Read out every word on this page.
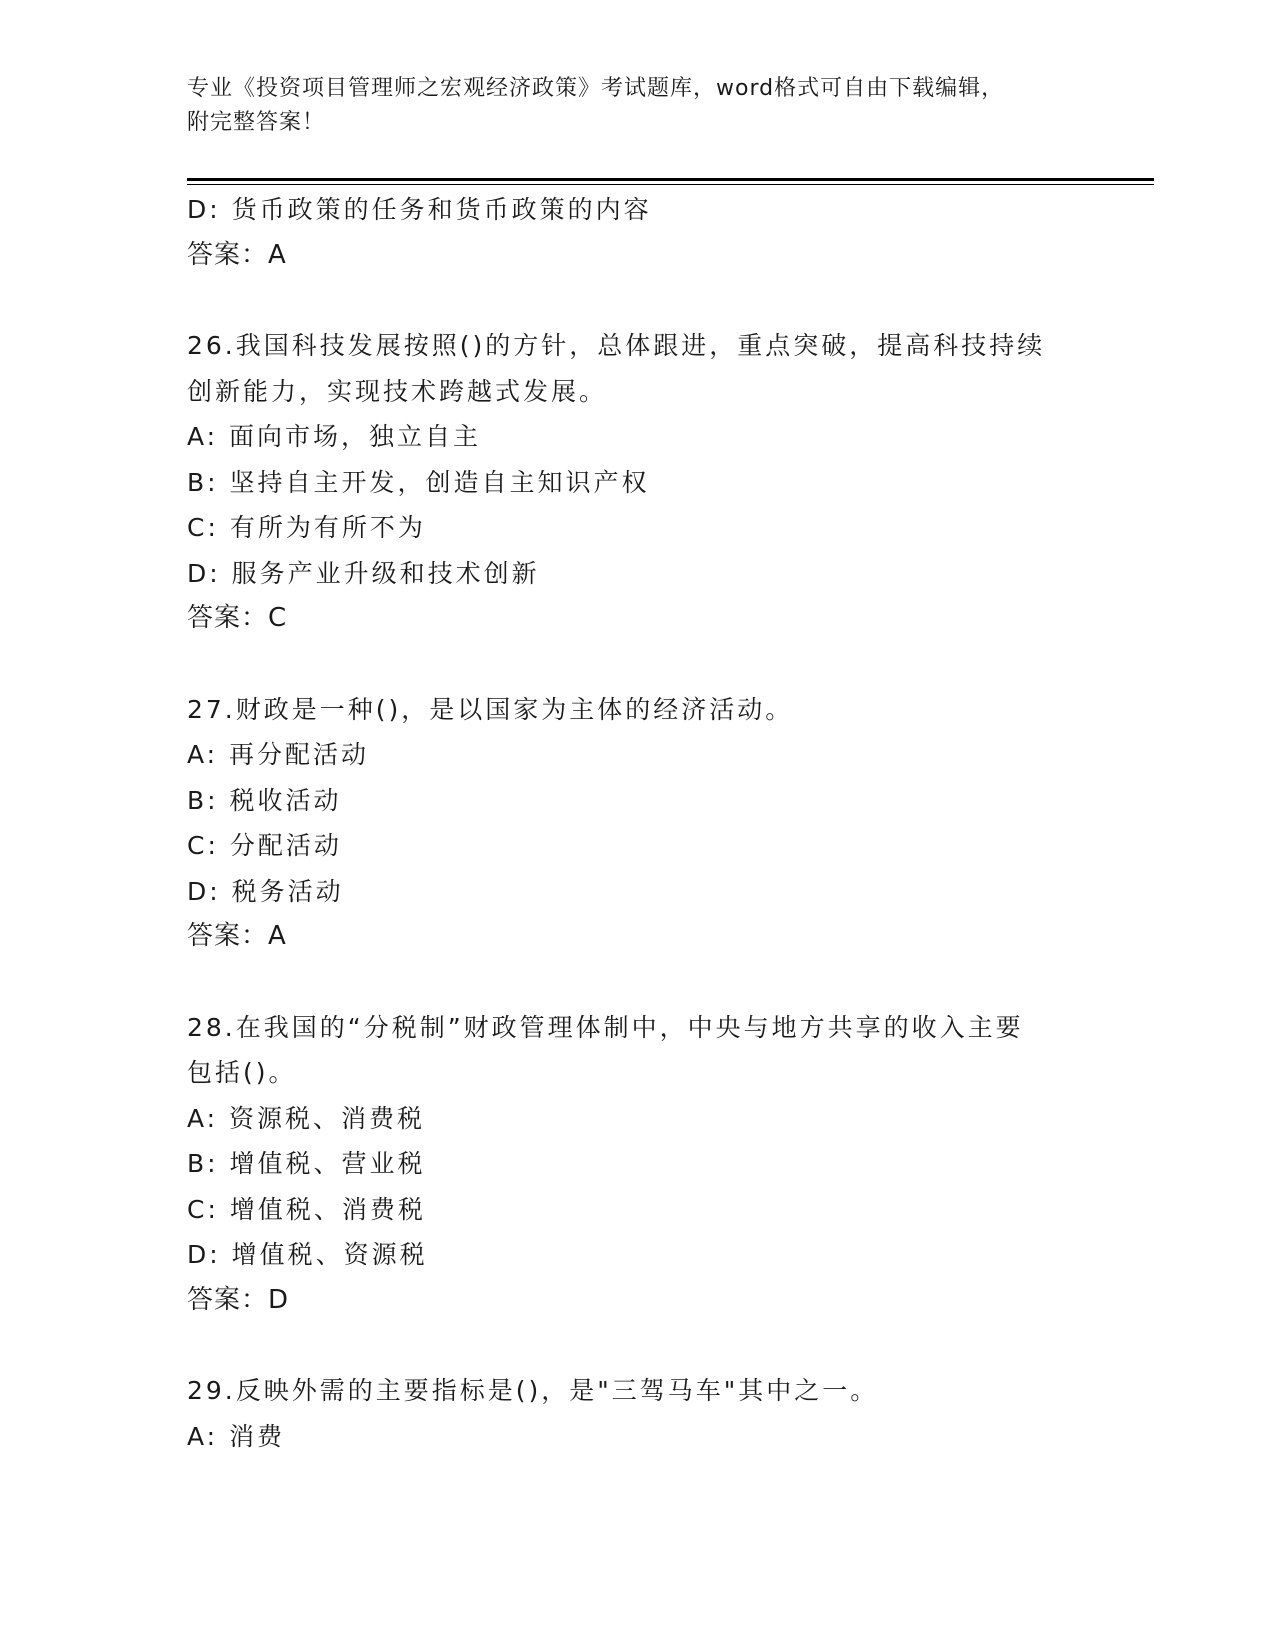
专业《投资项目管理师之宏观经济政策》考试题库，word格式可自由下载编辑，
附完整答案！
D: 货币政策的任务和货币政策的内容
答案：A
26.我国科技发展按照()的方针，总体跟进，重点突破，提高科技持续
创新能力，实现技术跨越式发展。
A: 面向市场，独立自主
B: 坚持自主开发，创造自主知识产权
C: 有所为有所不为
D: 服务产业升级和技术创新
答案：C
27.财政是一种()，是以国家为主体的经济活动。
A: 再分配活动
B: 税收活动
C: 分配活动
D: 税务活动
答案：A
28.在我国的“分税制”财政管理体制中，中央与地方共享的收入主要
包括()。
A: 资源税、消费税
B: 增值税、营业税
C: 增值税、消费税
D: 增值税、资源税
答案：D
29.反映外需的主要指标是()，是"三驾马车"其中之一。
A: 消费
